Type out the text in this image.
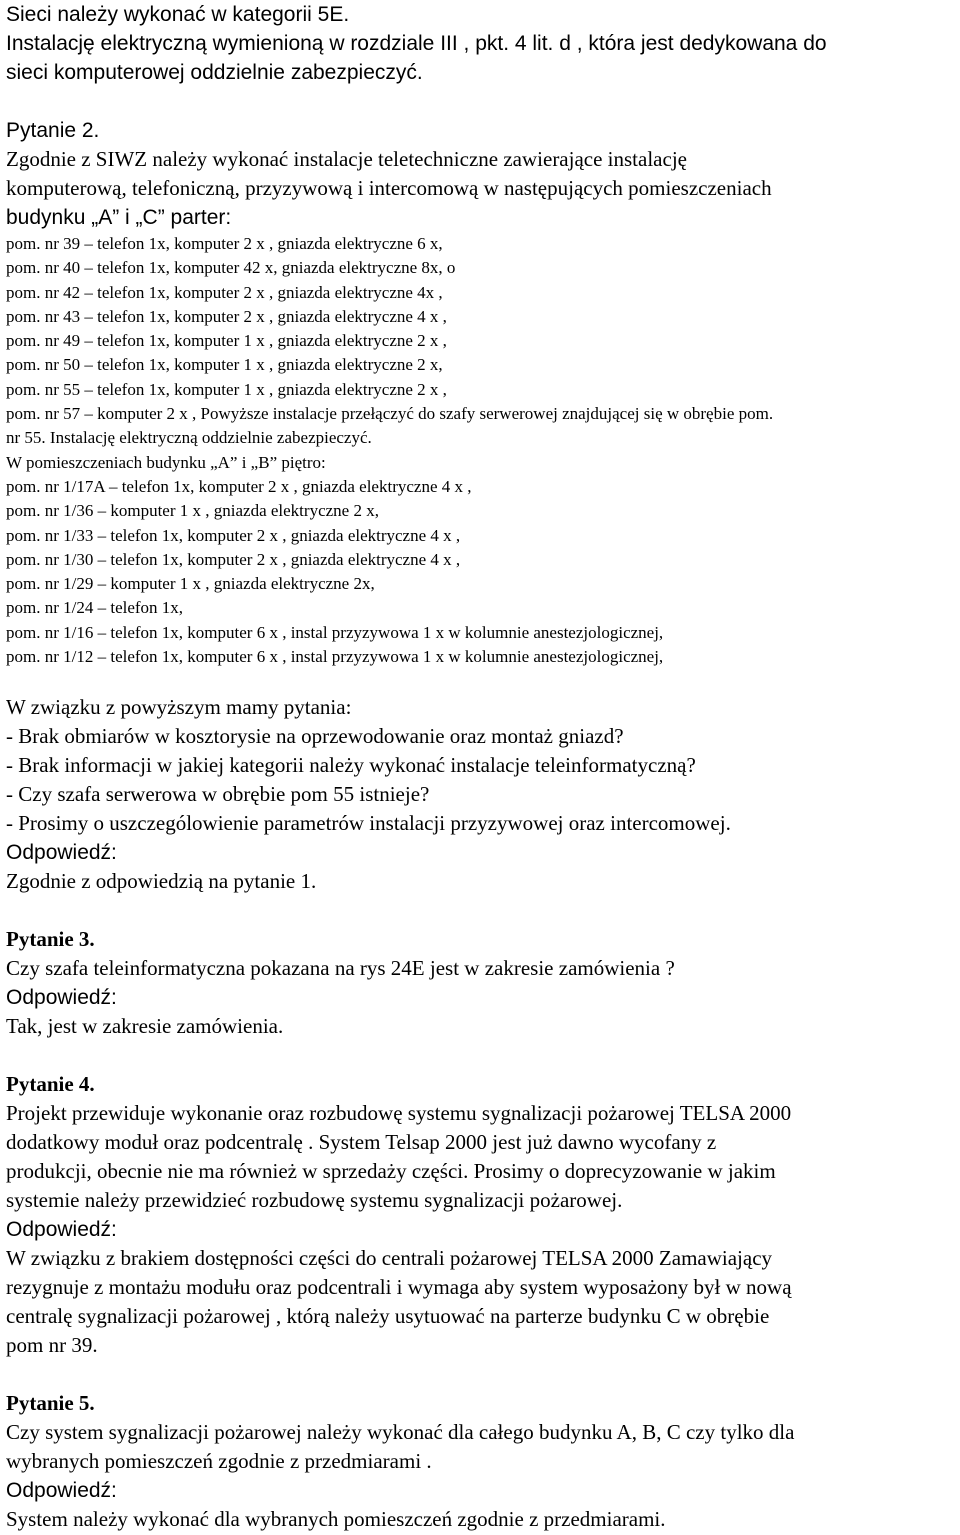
Sieci należy wykonać w kategorii 5E.

Instalację elektryczną wymienioną w rozdziale III , pkt. 4 lit. d , która jest dedykowana do

sieci komputerowej oddzielnie zabezpieczyć.

Pytanie 2.

Zgodnie z SIWZ należy wykonać instalacje teletechniczne zawierające instalację

komputerową, telefoniczną, przyzywową i intercomową w następujących pomieszczeniach

budynku „A” i „C” parter:

pom. nr 39 – telefon 1x, komputer 2 x , gniazda elektryczne 6 x,

pom. nr 40 – telefon 1x, komputer 42 x, gniazda elektryczne 8x, o

pom. nr 42 – telefon 1x, komputer 2 x , gniazda elektryczne 4x ,

pom. nr 43 – telefon 1x, komputer 2 x , gniazda elektryczne 4 x ,

pom. nr 49 – telefon 1x, komputer 1 x , gniazda elektryczne 2 x ,

pom. nr 50 – telefon 1x, komputer 1 x , gniazda elektryczne 2 x,

pom. nr 55 – telefon 1x, komputer 1 x , gniazda elektryczne 2 x ,

pom. nr 57 – komputer 2 x , Powyższe instalacje przełączyć do szafy serwerowej znajdującej się w obrębie pom.

nr 55. Instalację elektryczną oddzielnie zabezpieczyć.

W pomieszczeniach budynku „A” i „B” piętro:

pom. nr 1/17A – telefon 1x, komputer 2 x , gniazda elektryczne 4 x ,

pom. nr 1/36 – komputer 1 x , gniazda elektryczne 2 x,

pom. nr 1/33 – telefon 1x, komputer 2 x , gniazda elektryczne 4 x ,

pom. nr 1/30 – telefon 1x, komputer 2 x , gniazda elektryczne 4 x ,

pom. nr 1/29 – komputer 1 x , gniazda elektryczne 2x,

pom. nr 1/24 – telefon 1x,

pom. nr 1/16 – telefon 1x, komputer 6 x , instal przyzywowa 1 x w kolumnie anestezjologicznej,

pom. nr 1/12 – telefon 1x, komputer 6 x , instal przyzywowa 1 x w kolumnie anestezjologicznej,

W związku z powyższym mamy pytania:

- Brak obmiarów w kosztorysie na oprzewodowanie oraz montaż gniazd?

- Brak informacji w jakiej kategorii należy wykonać instalacje teleinformatyczną?

- Czy szafa serwerowa w obrębie pom 55 istnieje?

- Prosimy o uszczególowienie parametrów instalacji przyzywowej oraz intercomowej.

Odpowiedź:

Zgodnie z odpowiedzią na pytanie 1.

Pytanie 3.

Czy szafa teleinformatyczna pokazana na rys 24E jest w zakresie zamówienia ?

Odpowiedź:

Tak, jest w zakresie zamówienia.

Pytanie 4.

Projekt przewiduje wykonanie oraz rozbudowę systemu sygnalizacji pożarowej TELSA 2000

dodatkowy moduł oraz podcentralę . System Telsap 2000 jest już dawno wycofany z

produkcji, obecnie nie ma również w sprzedaży części. Prosimy o doprecyzowanie w jakim

systemie należy przewidzieć rozbudowę systemu sygnalizacji pożarowej.

Odpowiedź:

W związku z brakiem dostępności części do centrali pożarowej TELSA 2000 Zamawiający

rezygnuje z montażu modułu oraz podcentrali i wymaga aby system wyposażony był w nową

centralę sygnalizacji pożarowej , którą należy usytuować na parterze budynku C w obrębie

pom nr 39.

Pytanie 5.

Czy system sygnalizacji pożarowej należy wykonać dla całego budynku A, B, C czy tylko dla

wybranych pomieszczeń zgodnie z przedmiarami .

Odpowiedź:

System należy wykonać dla wybranych pomieszczeń zgodnie z przedmiarami.
